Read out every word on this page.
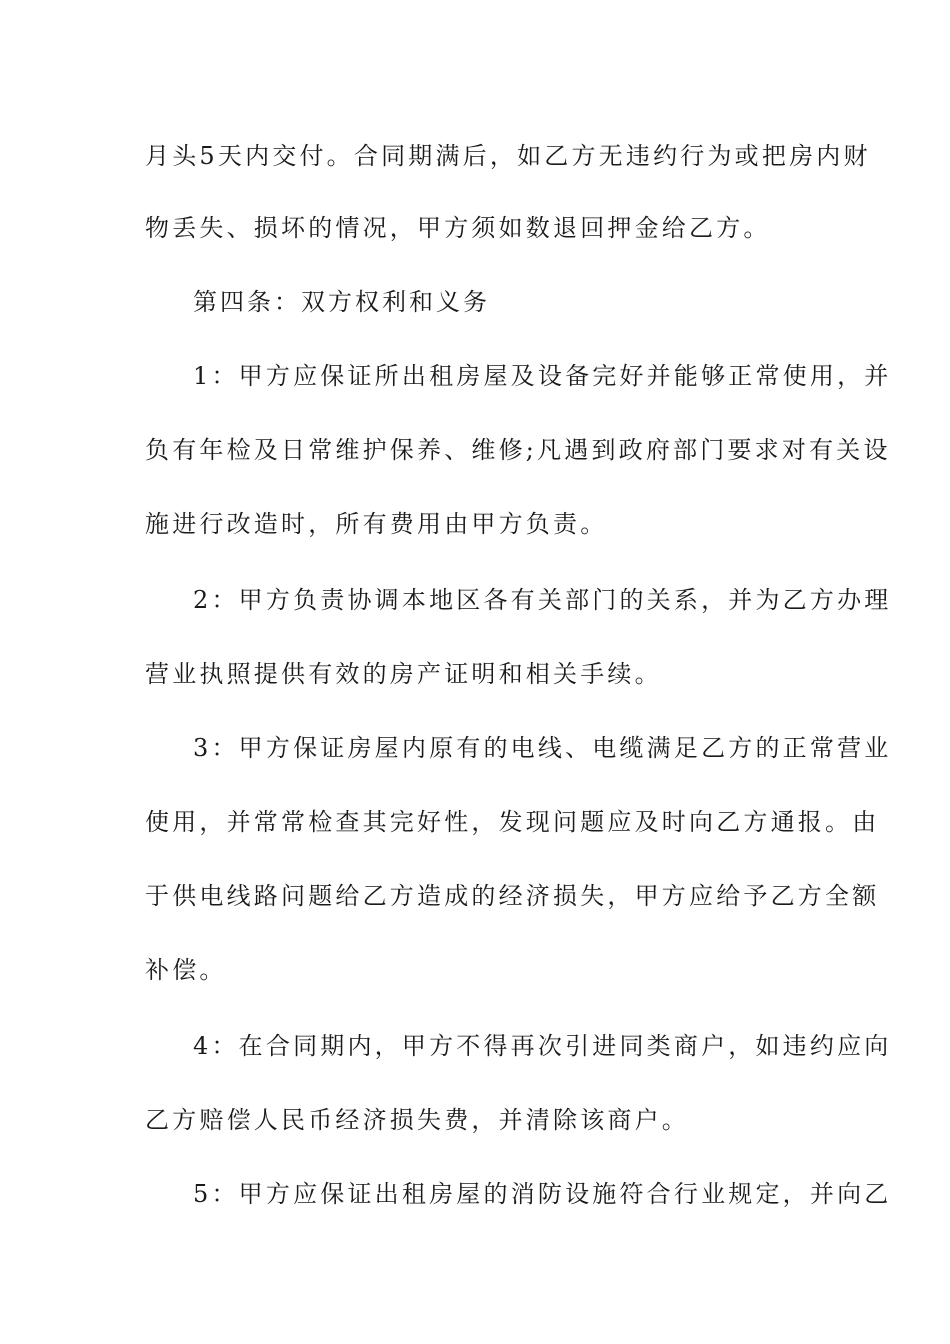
月头5天内交付。合同期满后，如乙方无违约行为或把房内财
物丢失、损坏的情况，甲方须如数退回押金给乙方。
第四条：双方权利和义务
1：甲方应保证所出租房屋及设备完好并能够正常使用，并
负有年检及日常维护保养、维修;凡遇到政府部门要求对有关设
施进行改造时，所有费用由甲方负责。
2：甲方负责协调本地区各有关部门的关系，并为乙方办理
营业执照提供有效的房产证明和相关手续。
3：甲方保证房屋内原有的电线、电缆满足乙方的正常营业
使用，并常常检查其完好性，发现问题应及时向乙方通报。由
于供电线路问题给乙方造成的经济损失，甲方应给予乙方全额
补偿。
4：在合同期内，甲方不得再次引进同类商户，如违约应向
乙方赔偿人民币经济损失费，并清除该商户。
5：甲方应保证出租房屋的消防设施符合行业规定，并向乙
